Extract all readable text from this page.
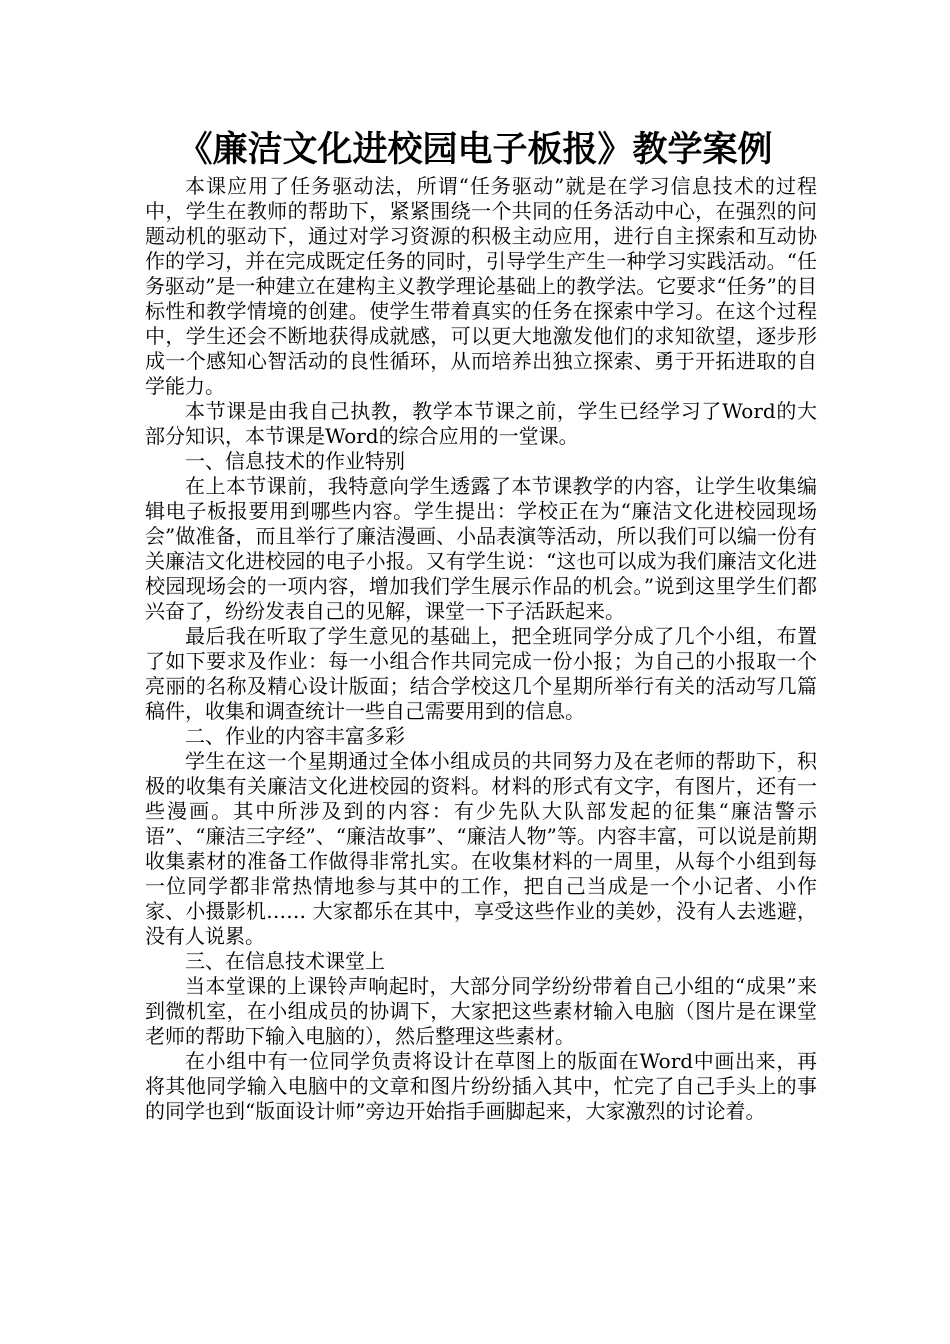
《廉洁文化进校园电子板报》教学案例

本课应用了任务驱动法，所谓“任务驱动”就是在学习信息技术的过程中，学生在教师的帮助下，紧紧围绕一个共同的任务活动中心，在强烈的问题动机的驱动下，通过对学习资源的积极主动应用，进行自主探索和互动协作的学习，并在完成既定任务的同时，引导学生产生一种学习实践活动。“任务驱动”是一种建立在建构主义教学理论基础上的教学法。它要求“任务”的目标性和教学情境的创建。使学生带着真实的任务在探索中学习。在这个过程中，学生还会不断地获得成就感，可以更大地激发他们的求知欲望，逐步形成一个感知心智活动的良性循环，从而培养出独立探索、勇于开拓进取的自学能力。

本节课是由我自己执教，教学本节课之前，学生已经学习了Word的大部分知识，本节课是Word的综合应用的一堂课。

一、信息技术的作业特别

在上本节课前，我特意向学生透露了本节课教学的内容，让学生收集编辑电子板报要用到哪些内容。学生提出：学校正在为“廉洁文化进校园现场会”做准备，而且举行了廉洁漫画、小品表演等活动，所以我们可以编一份有关廉洁文化进校园的电子小报。又有学生说：“这也可以成为我们廉洁文化进校园现场会的一项内容，增加我们学生展示作品的机会。”说到这里学生们都兴奋了，纷纷发表自己的见解，课堂一下子活跃起来。

最后我在听取了学生意见的基础上，把全班同学分成了几个小组，布置了如下要求及作业：每一小组合作共同完成一份小报；为自己的小报取一个亮丽的名称及精心设计版面；结合学校这几个星期所举行有关的活动写几篇稿件，收集和调查统计一些自己需要用到的信息。

二、作业的内容丰富多彩

学生在这一个星期通过全体小组成员的共同努力及在老师的帮助下，积极的收集有关廉洁文化进校园的资料。材料的形式有文字，有图片，还有一些漫画。其中所涉及到的内容：有少先队大队部发起的征集“廉洁警示语”、“廉洁三字经”、“廉洁故事”、“廉洁人物”等。内容丰富，可以说是前期收集素材的准备工作做得非常扎实。在收集材料的一周里，从每个小组到每一位同学都非常热情地参与其中的工作，把自己当成是一个小记者、小作家、小摄影机…… 大家都乐在其中，享受这些作业的美妙，没有人去逃避，没有人说累。

三、在信息技术课堂上

当本堂课的上课铃声响起时，大部分同学纷纷带着自己小组的“成果”来到微机室，在小组成员的协调下，大家把这些素材输入电脑（图片是在课堂老师的帮助下输入电脑的），然后整理这些素材。

在小组中有一位同学负责将设计在草图上的版面在Word中画出来，再将其他同学输入电脑中的文章和图片纷纷插入其中，忙完了自己手头上的事的同学也到“版面设计师”旁边开始指手画脚起来，大家激烈的讨论着。
